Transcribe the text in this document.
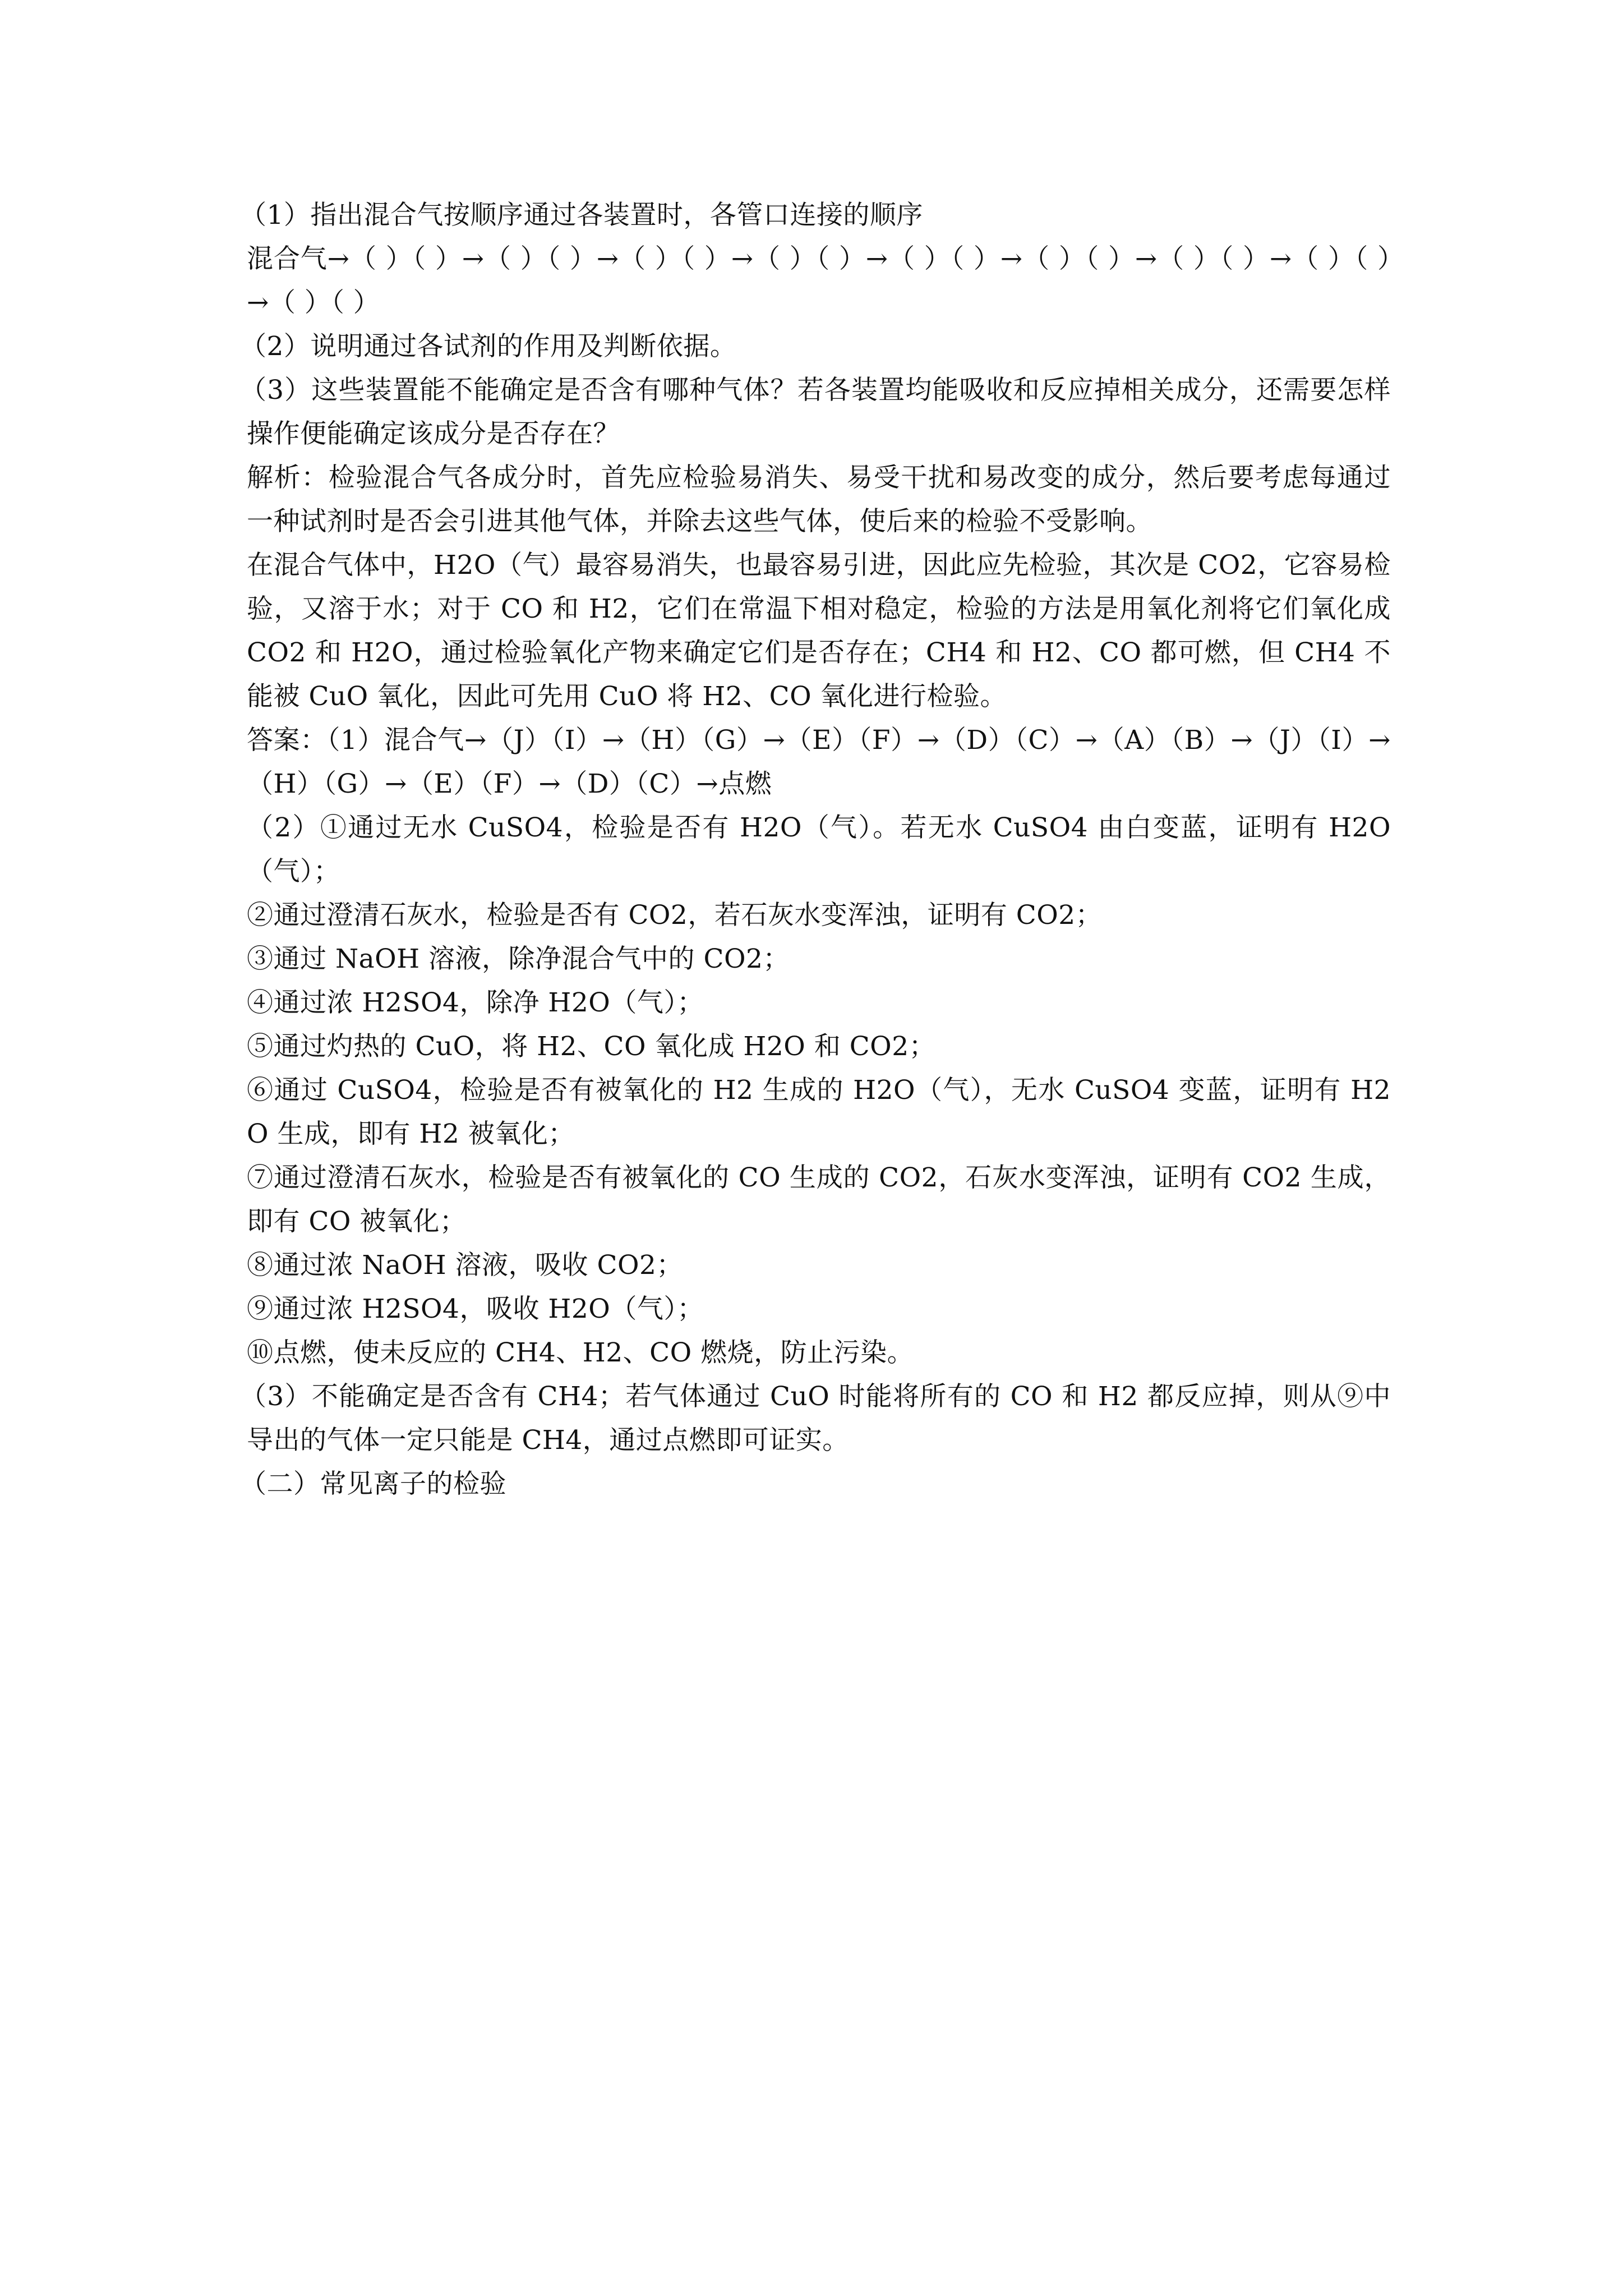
（1）指出混合气按顺序通过各装置时，各管口连接的顺序

混合气→（ ）（ ）→（ ）（ ）→（ ）（ ）→（ ）（ ）→（ ）（ ）→（ ）（ ）→（ ）（ ）→（ ）（ ）→（ ）（ ）

（2）说明通过各试剂的作用及判断依据。

（3）这些装置能不能确定是否含有哪种气体？若各装置均能吸收和反应掉相关成分，还需要怎样操作便能确定该成分是否存在？

解析：检验混合气各成分时，首先应检验易消失、易受干扰和易改变的成分，然后要考虑每通过一种试剂时是否会引进其他气体，并除去这些气体，使后来的检验不受影响。

在混合气体中，H2O（气）最容易消失，也最容易引进，因此应先检验，其次是 CO2，它容易检验，又溶于水；对于 CO 和 H2，它们在常温下相对稳定，检验的方法是用氧化剂将它们氧化成 CO2 和 H2O，通过检验氧化产物来确定它们是否存在；CH4 和 H2、CO 都可燃，但 CH4 不能被 CuO 氧化，因此可先用 CuO 将 H2、CO 氧化进行检验。

答案：（1）混合气→（J）（I）→（H）（G）→（E）（F）→（D）（C）→（A）（B）→（J）（I）→（H）（G）→（E）（F）→（D）（C）→点燃

（2）①通过无水 CuSO4，检验是否有 H2O（气）。若无水 CuSO4 由白变蓝，证明有 H2O（气）；

②通过澄清石灰水，检验是否有 CO2，若石灰水变浑浊，证明有 CO2；

③通过 NaOH 溶液，除净混合气中的 CO2；

④通过浓 H2SO4，除净 H2O（气）；

⑤通过灼热的 CuO，将 H2、CO 氧化成 H2O 和 CO2；

⑥通过 CuSO4，检验是否有被氧化的 H2 生成的 H2O（气），无水 CuSO4 变蓝，证明有 H2O 生成，即有 H2 被氧化；

⑦通过澄清石灰水，检验是否有被氧化的 CO 生成的 CO2，石灰水变浑浊，证明有 CO2 生成，即有 CO 被氧化；

⑧通过浓 NaOH 溶液，吸收 CO2；

⑨通过浓 H2SO4，吸收 H2O（气）；

⑩点燃，使未反应的 CH4、H2、CO 燃烧，防止污染。

（3）不能确定是否含有 CH4；若气体通过 CuO 时能将所有的 CO 和 H2 都反应掉，则从⑨中导出的气体一定只能是 CH4，通过点燃即可证实。

（二）常见离子的检验
